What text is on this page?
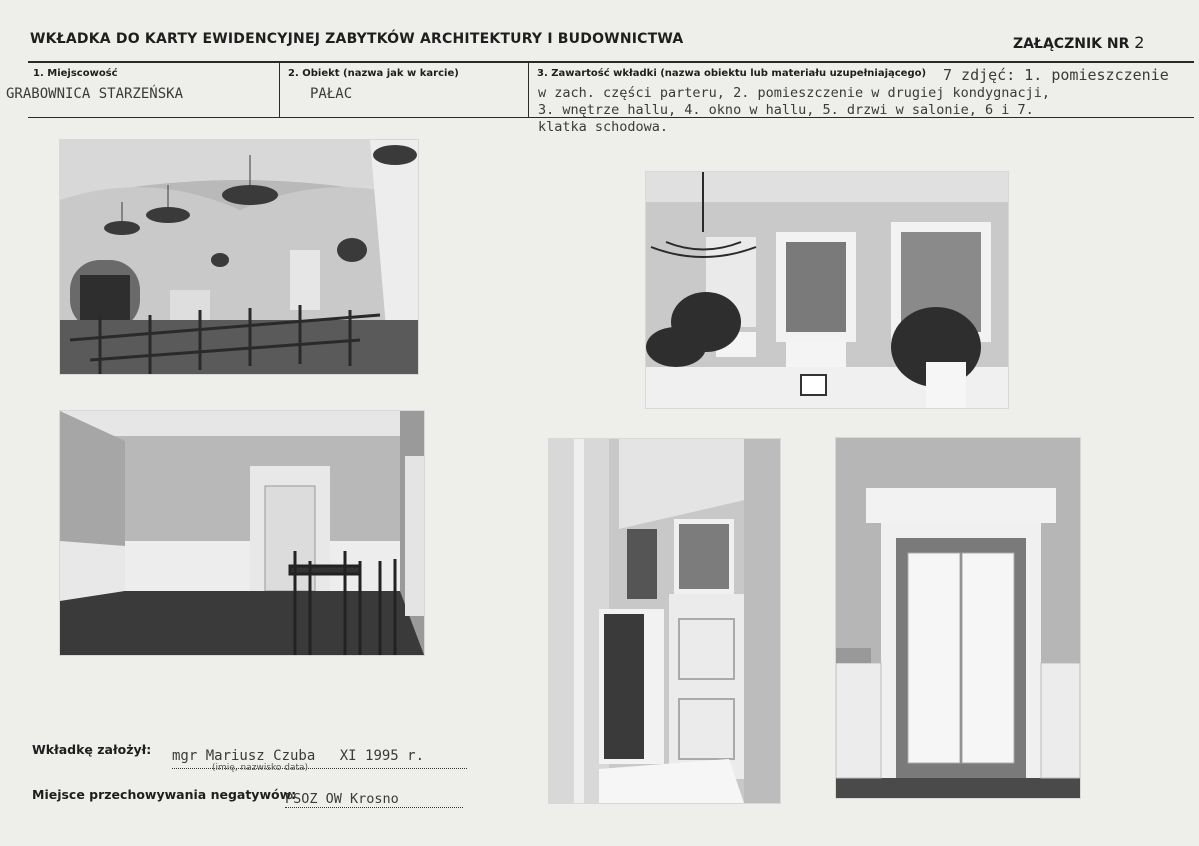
WKŁADKA DO KARTY EWIDENCYJNEJ ZABYTKÓW ARCHITEKTURY I BUDOWNICTWA	ZAŁĄCZNIK NR 2
1. Miejscowość
GRABOWNICA STARZEŃSKA
2. Obiekt (nazwa jak w karcie)
PAŁAC
3. Zawartość wkładki (nazwa obiektu lub materiału uzupełniającego) 7 zdjęć: 1. pomieszczenie
w zach. części parteru, 2. pomieszczenie w drugiej kondygnacji,
3. wnętrze hallu, 4. okno w hallu, 5. drzwi w salonie, 6 i 7.
klatka schodowa.
Wkładkę założył: mgr Mariusz Czuba XI 1995 r.
(imię, nazwisko data)
Miejsce przechowywania negatywów:
PSOZ OW Krosno
